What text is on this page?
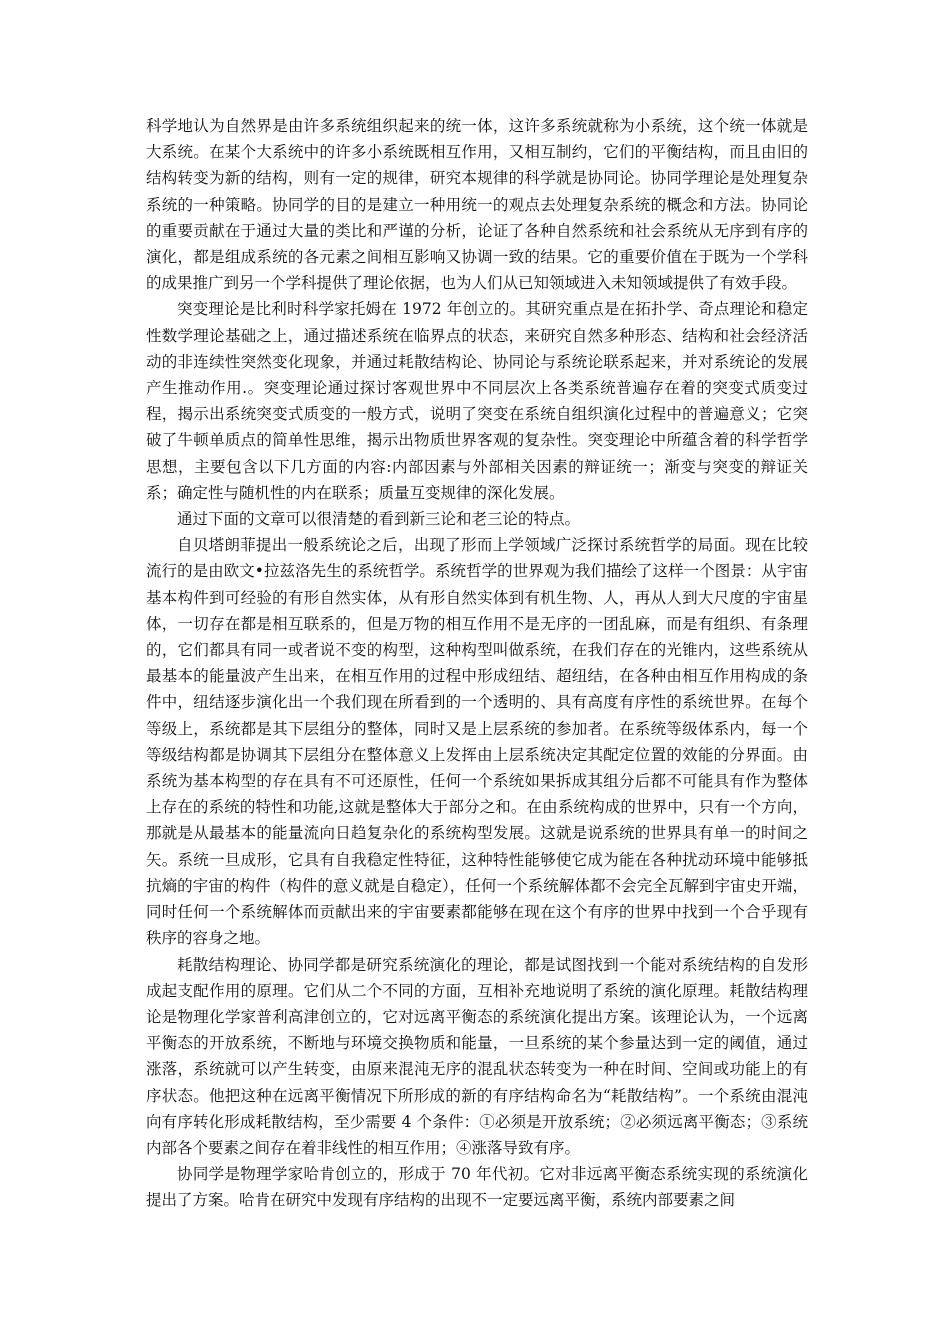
科学地认为自然界是由许多系统组织起来的统一体，这许多系统就称为小系统，这个统一体就是大系统。在某个大系统中的许多小系统既相互作用，又相互制约，它们的平衡结构，而且由旧的结构转变为新的结构，则有一定的规律，研究本规律的科学就是协同论。协同学理论是处理复杂系统的一种策略。协同学的目的是建立一种用统一的观点去处理复杂系统的概念和方法。协同论的重要贡献在于通过大量的类比和严谨的分析，论证了各种自然系统和社会系统从无序到有序的演化，都是组成系统的各元素之间相互影响又协调一致的结果。它的重要价值在于既为一个学科的成果推广到另一个学科提供了理论依据，也为人们从已知领域进入未知领域提供了有效手段。

突变理论是比利时科学家托姆在 1972 年创立的。其研究重点是在拓扑学、奇点理论和稳定性数学理论基础之上，通过描述系统在临界点的状态，来研究自然多种形态、结构和社会经济活动的非连续性突然变化现象，并通过耗散结构论、协同论与系统论联系起来，并对系统论的发展产生推动作用.。突变理论通过探讨客观世界中不同层次上各类系统普遍存在着的突变式质变过程，揭示出系统突变式质变的一般方式，说明了突变在系统自组织演化过程中的普遍意义；它突破了牛顿单质点的简单性思维，揭示出物质世界客观的复杂性。突变理论中所蕴含着的科学哲学思想，主要包含以下几方面的内容:内部因素与外部相关因素的辩证统一；渐变与突变的辩证关系；确定性与随机性的内在联系；质量互变规律的深化发展。

通过下面的文章可以很清楚的看到新三论和老三论的特点。

自贝塔朗菲提出一般系统论之后，出现了形而上学领域广泛探讨系统哲学的局面。现在比较流行的是由欧文•拉兹洛先生的系统哲学。系统哲学的世界观为我们描绘了这样一个图景：从宇宙基本构件到可经验的有形自然实体，从有形自然实体到有机生物、人，再从人到大尺度的宇宙星体，一切存在都是相互联系的，但是万物的相互作用不是无序的一团乱麻，而是有组织、有条理的，它们都具有同一或者说不变的构型，这种构型叫做系统，在我们存在的光锥内，这些系统从最基本的能量波产生出来，在相互作用的过程中形成纽结、超纽结，在各种由相互作用构成的条件中，纽结逐步演化出一个我们现在所看到的一个透明的、具有高度有序性的系统世界。在每个等级上，系统都是其下层组分的整体，同时又是上层系统的参加者。在系统等级体系内，每一个等级结构都是协调其下层组分在整体意义上发挥由上层系统决定其配定位置的效能的分界面。由系统为基本构型的存在具有不可还原性，任何一个系统如果拆成其组分后都不可能具有作为整体上存在的系统的特性和功能,这就是整体大于部分之和。在由系统构成的世界中，只有一个方向，那就是从最基本的能量流向日趋复杂化的系统构型发展。这就是说系统的世界具有单一的时间之矢。系统一旦成形，它具有自我稳定性特征，这种特性能够使它成为能在各种扰动环境中能够抵抗熵的宇宙的构件（构件的意义就是自稳定），任何一个系统解体都不会完全瓦解到宇宙史开端，同时任何一个系统解体而贡献出来的宇宙要素都能够在现在这个有序的世界中找到一个合乎现有秩序的容身之地。

耗散结构理论、协同学都是研究系统演化的理论，都是试图找到一个能对系统结构的自发形成起支配作用的原理。它们从二个不同的方面，互相补充地说明了系统的演化原理。耗散结构理论是物理化学家普利高津创立的，它对远离平衡态的系统演化提出方案。该理论认为，一个远离平衡态的开放系统，不断地与环境交换物质和能量，一旦系统的某个参量达到一定的阈值，通过涨落，系统就可以产生转变，由原来混沌无序的混乱状态转变为一种在时间、空间或功能上的有序状态。他把这种在远离平衡情况下所形成的新的有序结构命名为“耗散结构”。一个系统由混沌向有序转化形成耗散结构，至少需要 4 个条件：①必须是开放系统；②必须远离平衡态；③系统内部各个要素之间存在着非线性的相互作用；④涨落导致有序。

协同学是物理学家哈肯创立的，形成于 70 年代初。它对非远离平衡态系统实现的系统演化提出了方案。哈肯在研究中发现有序结构的出现不一定要远离平衡，系统内部要素之间
